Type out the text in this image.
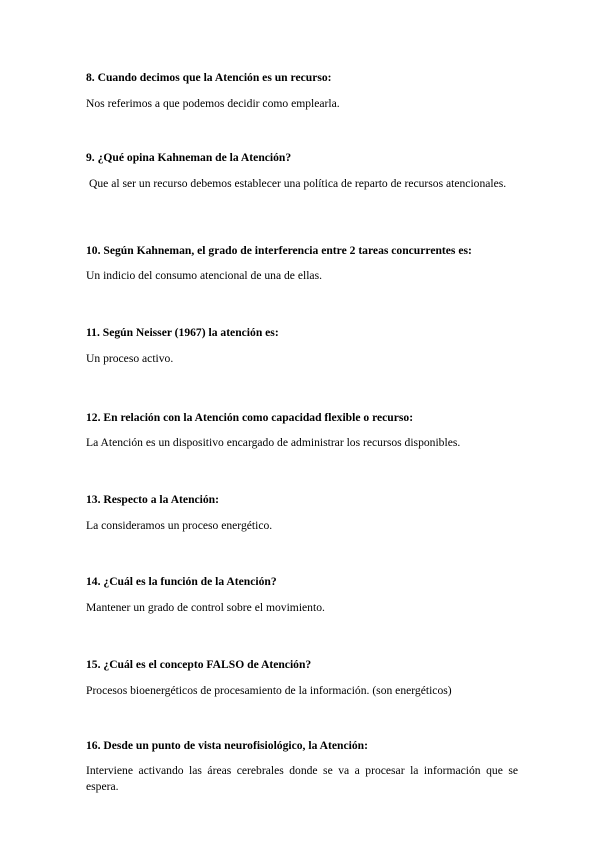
8. Cuando decimos que la Atención es un recurso:

Nos referimos a que podemos decidir como emplearla.

9. ¿Qué opina Kahneman de la Atención?

Que al ser un recurso debemos establecer una política de reparto de recursos atencionales.

10. Según Kahneman, el grado de interferencia entre 2 tareas concurrentes es:

Un indicio del consumo atencional de una de ellas.

11. Según Neisser (1967) la atención es:

Un proceso activo.

12. En relación con la Atención como capacidad flexible o recurso:

La Atención es un dispositivo encargado de administrar los recursos disponibles.

13. Respecto a la Atención:

La consideramos un proceso energético.

14. ¿Cuál es la función de la Atención?

Mantener un grado de control sobre el movimiento.

15. ¿Cuál es el concepto FALSO de Atención?

Procesos bioenergéticos de procesamiento de la información. (son energéticos)

16. Desde un punto de vista neurofisiológico, la Atención:

Interviene activando las áreas cerebrales donde se va a procesar la información que se espera.
